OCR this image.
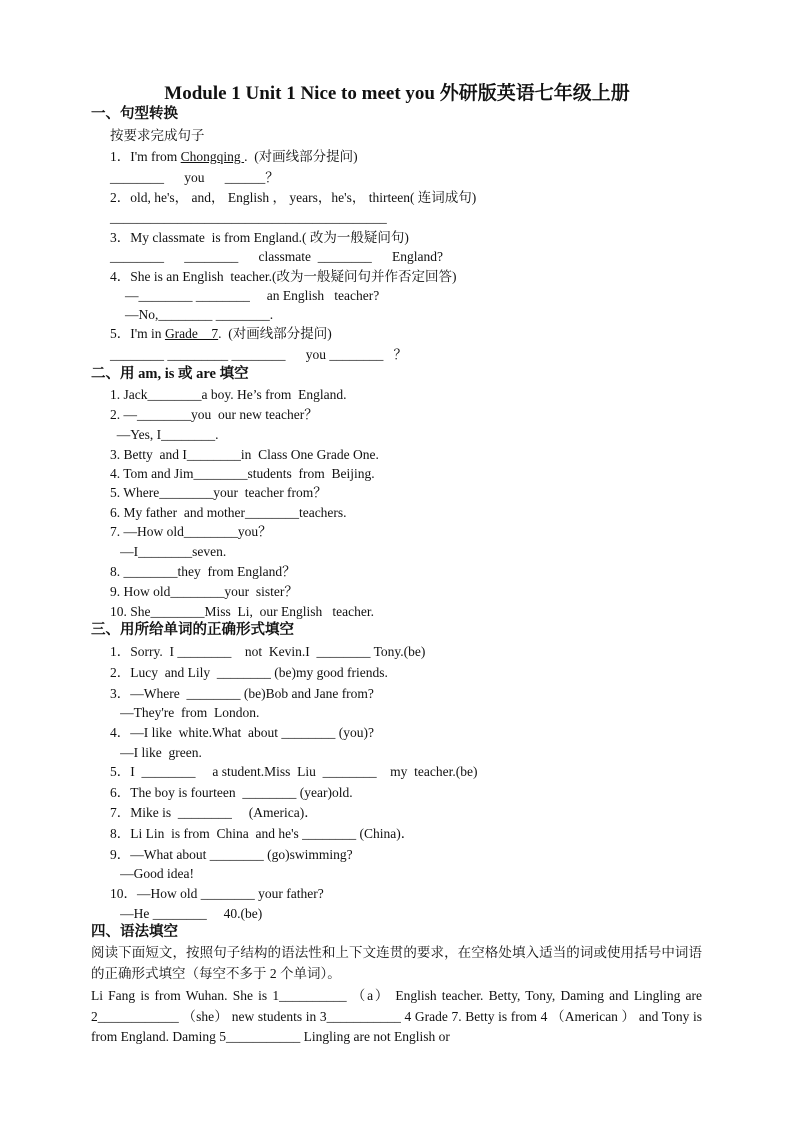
Module 1 Unit 1 Nice to meet you 外研版英语七年级上册
一、句型转换
按要求完成句子
1．I'm from Chongqing .  (对画线部分提问)
________      you      ______？
2．old, he's， and， English ， years，he's， thirteen( 连词成句)
_________________________________________
3．My classmate  is from England.( 改为一般疑问句)
________      ________      classmate  ________      England?
4．She is an English  teacher.(改为一般疑问句并作否定回答)
—________ ________     an English   teacher?
—No,________ ________.
5．I'm in Grade    7.  (对画线部分提问)
________ _________ ________      you ________   ？
二、用 am, is 或 are 填空
1. Jack________a boy. He’s from  England.
2. —________you  our new teacher？
—Yes, I________.
3. Betty  and I________in  Class One Grade One.
4. Tom and Jim________students  from  Beijing.
5. Where________your  teacher from？
6. My father  and mother________teachers.
7. —How old________you？
—I________seven.
8. ________they  from England？
9. How old________your  sister？
10. She________Miss  Li,  our English   teacher.
三、用所给单词的正确形式填空
1．Sorry.  I ________    not  Kevin.I  ________ Tony.(be)
2．Lucy  and Lily  ________ (be)my good friends.
3．—Where  ________ (be)Bob and Jane from?
—They're  from  London.
4．—I like  white.What  about ________ (you)?
—I like  green.
5．I  ________     a student.Miss  Liu  ________    my  teacher.(be)
6．The boy is fourteen  ________ (year)old.
7．Mike is  ________     (America)．
8．Li Lin  is from  China  and he's ________ (China)．
9．—What about ________ (go)swimming?
—Good idea!
10．—How old ________ your father?
—He ________     40.(be)
四、语法填空
阅读下面短文，按照句子结构的语法性和上下文连贯的要求，在空格处填入适当的词或使用括号中词语的正确形式填空（每空不多于 2 个单词）。
Li Fang is from Wuhan. She is 1__________ （a） English teacher. Betty, Tony, Daming and Lingling are 2____________ （she） new students in 3___________ 4 Grade 7. Betty is from 4 （American ） and Tony is from England. Daming 5___________ Lingling are not English or
